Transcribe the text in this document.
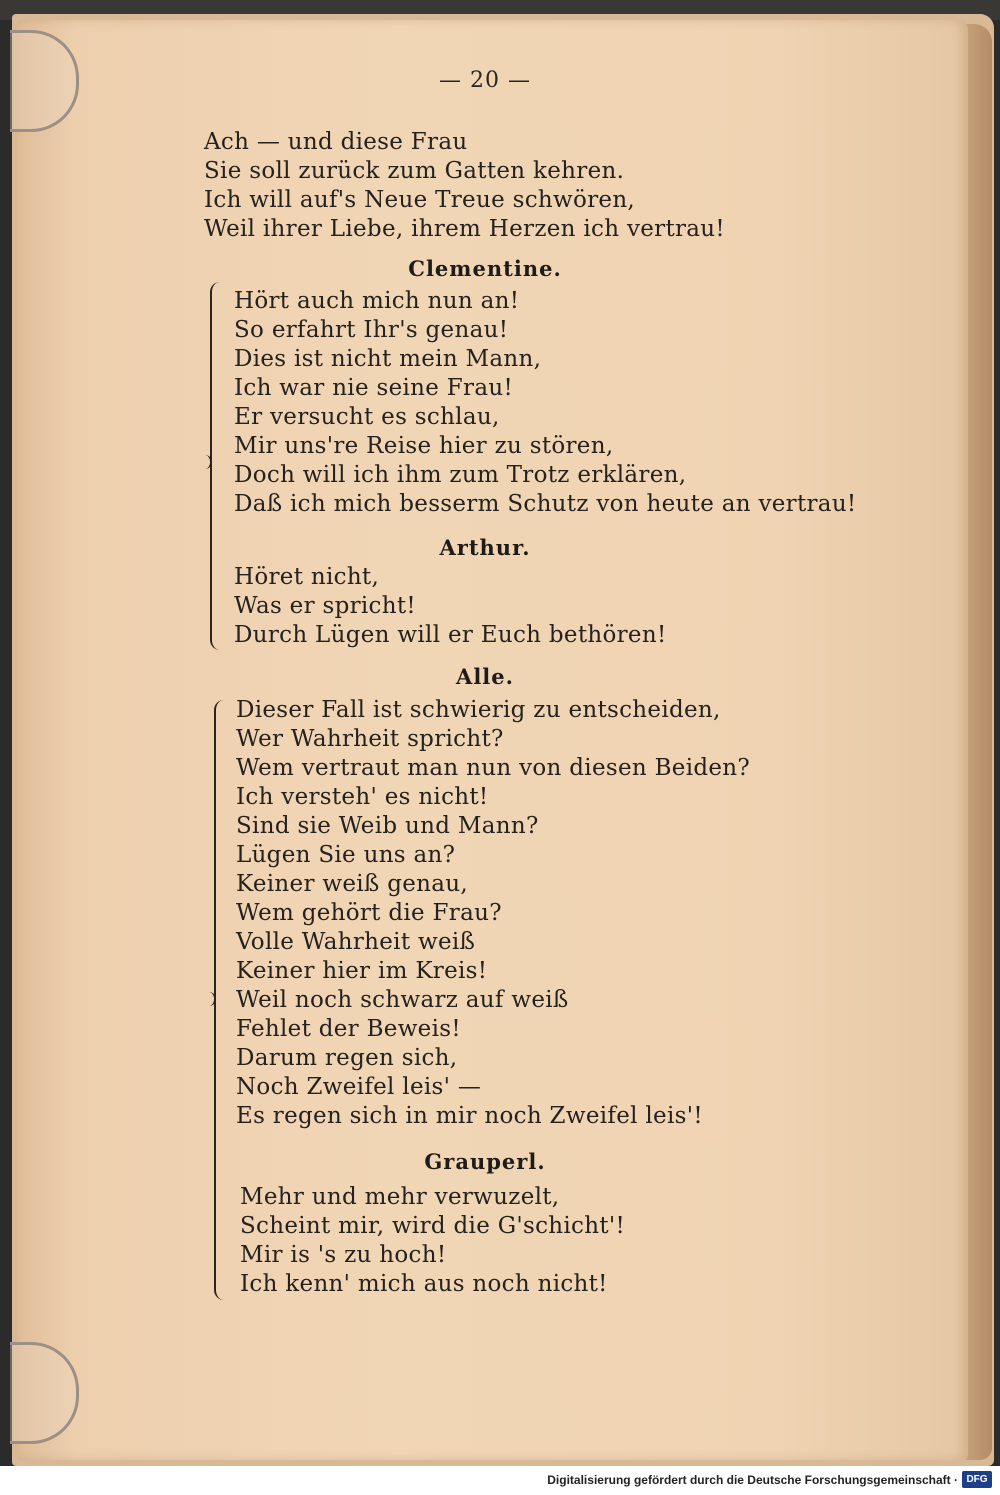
— 20 —
Ach — und diese Frau
Sie soll zurück zum Gatten kehren.
Ich will auf's Neue Treue schwören,
Weil ihrer Liebe, ihrem Herzen ich vertrau!
Clementine.
Hört auch mich nun an!
So erfahrt Ihr's genau!
Dies ist nicht mein Mann,
Ich war nie seine Frau!
Er versucht es schlau,
Mir uns're Reise hier zu stören,
Doch will ich ihm zum Trotz erklären,
Daß ich mich besserm Schutz von heute an vertrau!
Arthur.
Höret nicht,
Was er spricht!
Durch Lügen will er Euch bethören!
Alle.
Dieser Fall ist schwierig zu entscheiden,
Wer Wahrheit spricht?
Wem vertraut man nun von diesen Beiden?
Ich versteh' es nicht!
Sind sie Weib und Mann?
Lügen Sie uns an?
Keiner weiß genau,
Wem gehört die Frau?
Volle Wahrheit weiß
Keiner hier im Kreis!
Weil noch schwarz auf weiß
Fehlet der Beweis!
Darum regen sich,
Noch Zweifel leis' —
Es regen sich in mir noch Zweifel leis'!
Grauperl.
Mehr und mehr verwuzelt,
Scheint mir, wird die G'schicht'!
Mir is 's zu hoch!
Ich kenn' mich aus noch nicht!
Digitalisierung gefördert durch die Deutsche Forschungsgemeinschaft · DFG
